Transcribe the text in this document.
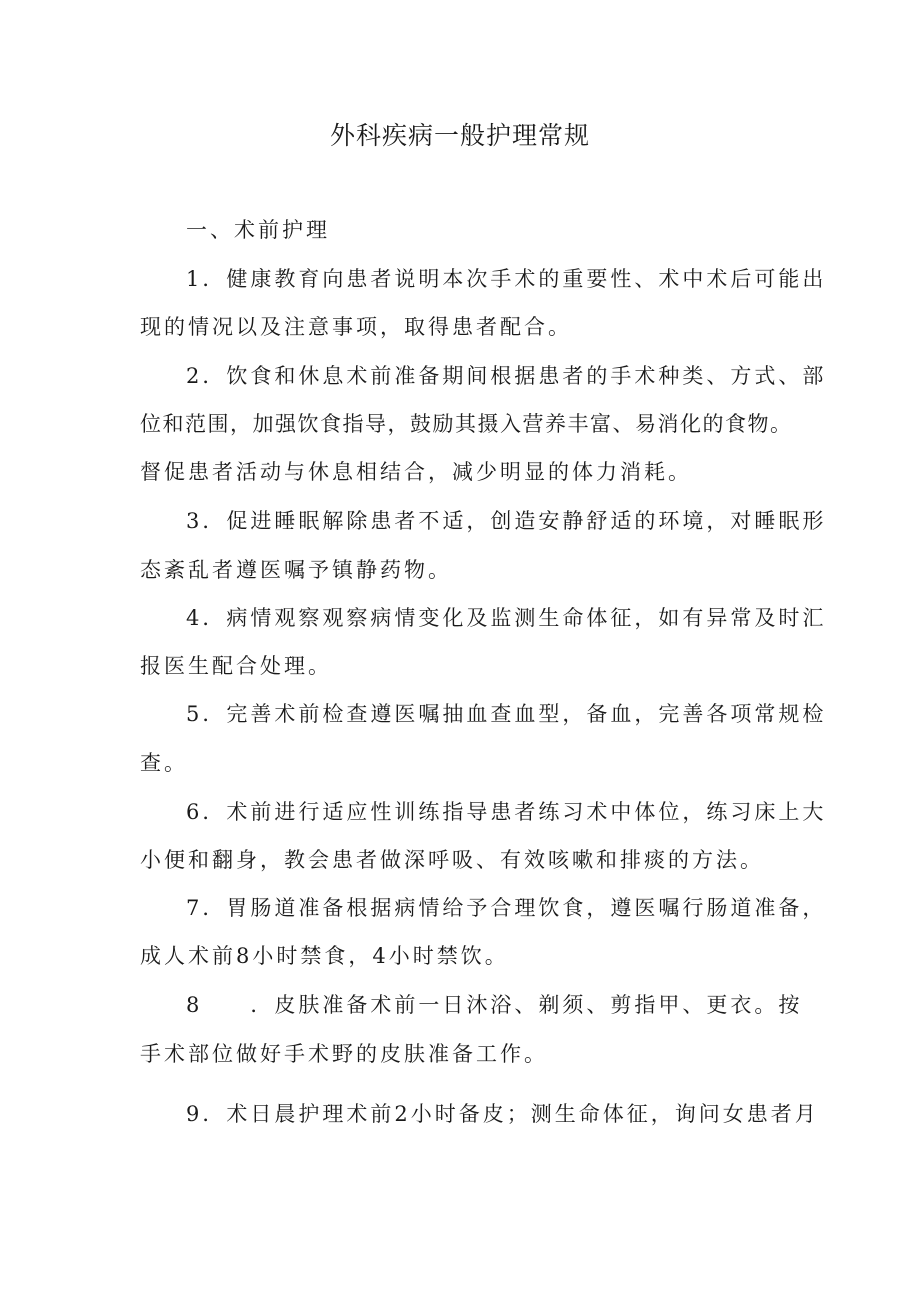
外科疾病一般护理常规

一、术前护理

1．健康教育向患者说明本次手术的重要性、术中术后可能出

现的情况以及注意事项，取得患者配合。

2．饮食和休息术前准备期间根据患者的手术种类、方式、部

位和范围，加强饮食指导，鼓励其摄入营养丰富、易消化的食物。

督促患者活动与休息相结合，减少明显的体力消耗。

3．促进睡眠解除患者不适，创造安静舒适的环境，对睡眠形

态紊乱者遵医嘱予镇静药物。

4．病情观察观察病情变化及监测生命体征，如有异常及时汇

报医生配合处理。

5．完善术前检查遵医嘱抽血查血型，备血，完善各项常规检

查。

6．术前进行适应性训练指导患者练习术中体位，练习床上大

小便和翻身，教会患者做深呼吸、有效咳嗽和排痰的方法。

7．胃肠道准备根据病情给予合理饮食，遵医嘱行肠道准备，

成人术前8小时禁食，4小时禁饮。

8　　．皮肤准备术前一日沐浴、剃须、剪指甲、更衣。按

手术部位做好手术野的皮肤准备工作。

9．术日晨护理术前2小时备皮；测生命体征，询问女患者月
